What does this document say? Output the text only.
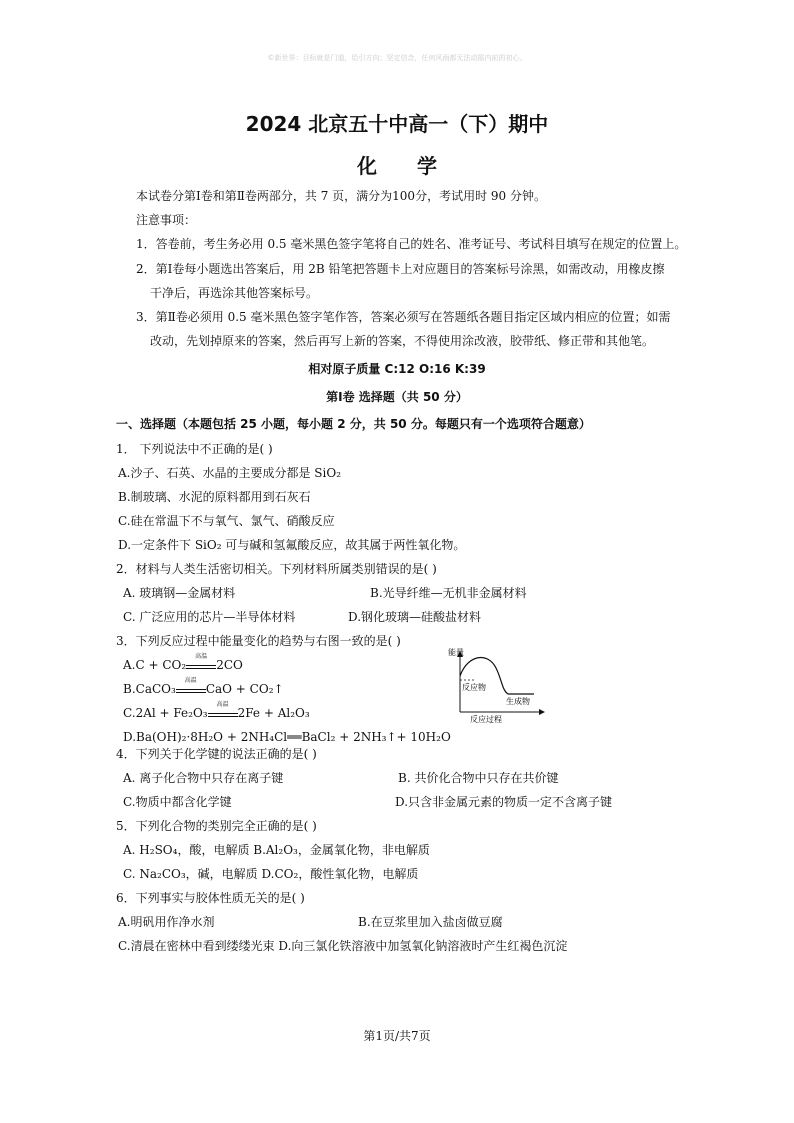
©新世界：目标就是门道，给引方向；坚定信念，任何风雨都无法动摇内前的初心。
2024 北京五十中高一（下）期中
化学
本试卷分第Ⅰ卷和第Ⅱ卷两部分，共 7 页，满分为100分，考试用时 90 分钟。
注意事项：
1．答卷前，考生务必用 0.5 毫米黑色签字笔将自己的姓名、准考证号、考试科目填写在规定的位置上。
2．第Ⅰ卷每小题选出答案后，用 2B 铅笔把答题卡上对应题目的答案标号涂黑，如需改动，用橡皮擦
干净后，再选涂其他答案标号。
3．第Ⅱ卷必须用 0.5 毫米黑色签字笔作答，答案必须写在答题纸各题目指定区域内相应的位置；如需
改动，先划掉原来的答案，然后再写上新的答案，不得使用涂改液，胶带纸、修正带和其他笔。
相对原子质量 C:12 O:16 K:39
第Ⅰ卷 选择题（共 50 分）
一、选择题（本题包括 25 小题，每小题 2 分，共 50 分。每题只有一个选项符合题意）
1． 下列说法中不正确的是( )
A.沙子、石英、水晶的主要成分都是 SiO₂
B.制玻璃、水泥的原料都用到石灰石
C.硅在常温下不与氧气、氯气、硝酸反应
D.一定条件下 SiO₂ 可与碱和氢氟酸反应，故其属于两性氧化物。
2．材料与人类生活密切相关。下列材料所属类别错误的是( )
A. 玻璃钢—金属材料	B.光导纤维—无机非金属材料
C. 广泛应用的芯片—半导体材料	D.钢化玻璃—硅酸盐材料
3．下列反应过程中能量变化的趋势与右图一致的是( )
A.C + CO₂
高温
2CO
B.CaCO₃
高温
CaO + CO₂↑
C.2Al + Fe₂O₃
高温
2Fe + Al₂O₃
D.Ba(OH)₂·8H₂O + 2NH₄Cl══BaCl₂ + 2NH₃↑+ 10H₂O
能量
反应物
生成物
反应过程
4．下列关于化学键的说法正确的是( )
A. 离子化合物中只存在离子键	B. 共价化合物中只存在共价键
C.物质中都含化学键	D.只含非金属元素的物质一定不含离子键
5．下列化合物的类别完全正确的是( )
A. H₂SO₄，酸，电解质 B.Al₂O₃，金属氧化物，非电解质
C. Na₂CO₃，碱，电解质 D.CO₂，酸性氧化物，电解质
6．下列事实与胶体性质无关的是( )
A.明矾用作净水剂	B.在豆浆里加入盐卤做豆腐
C.清晨在密林中看到缕缕光束 D.向三氯化铁溶液中加氢氧化钠溶液时产生红褐色沉淀
第1页/共7页
